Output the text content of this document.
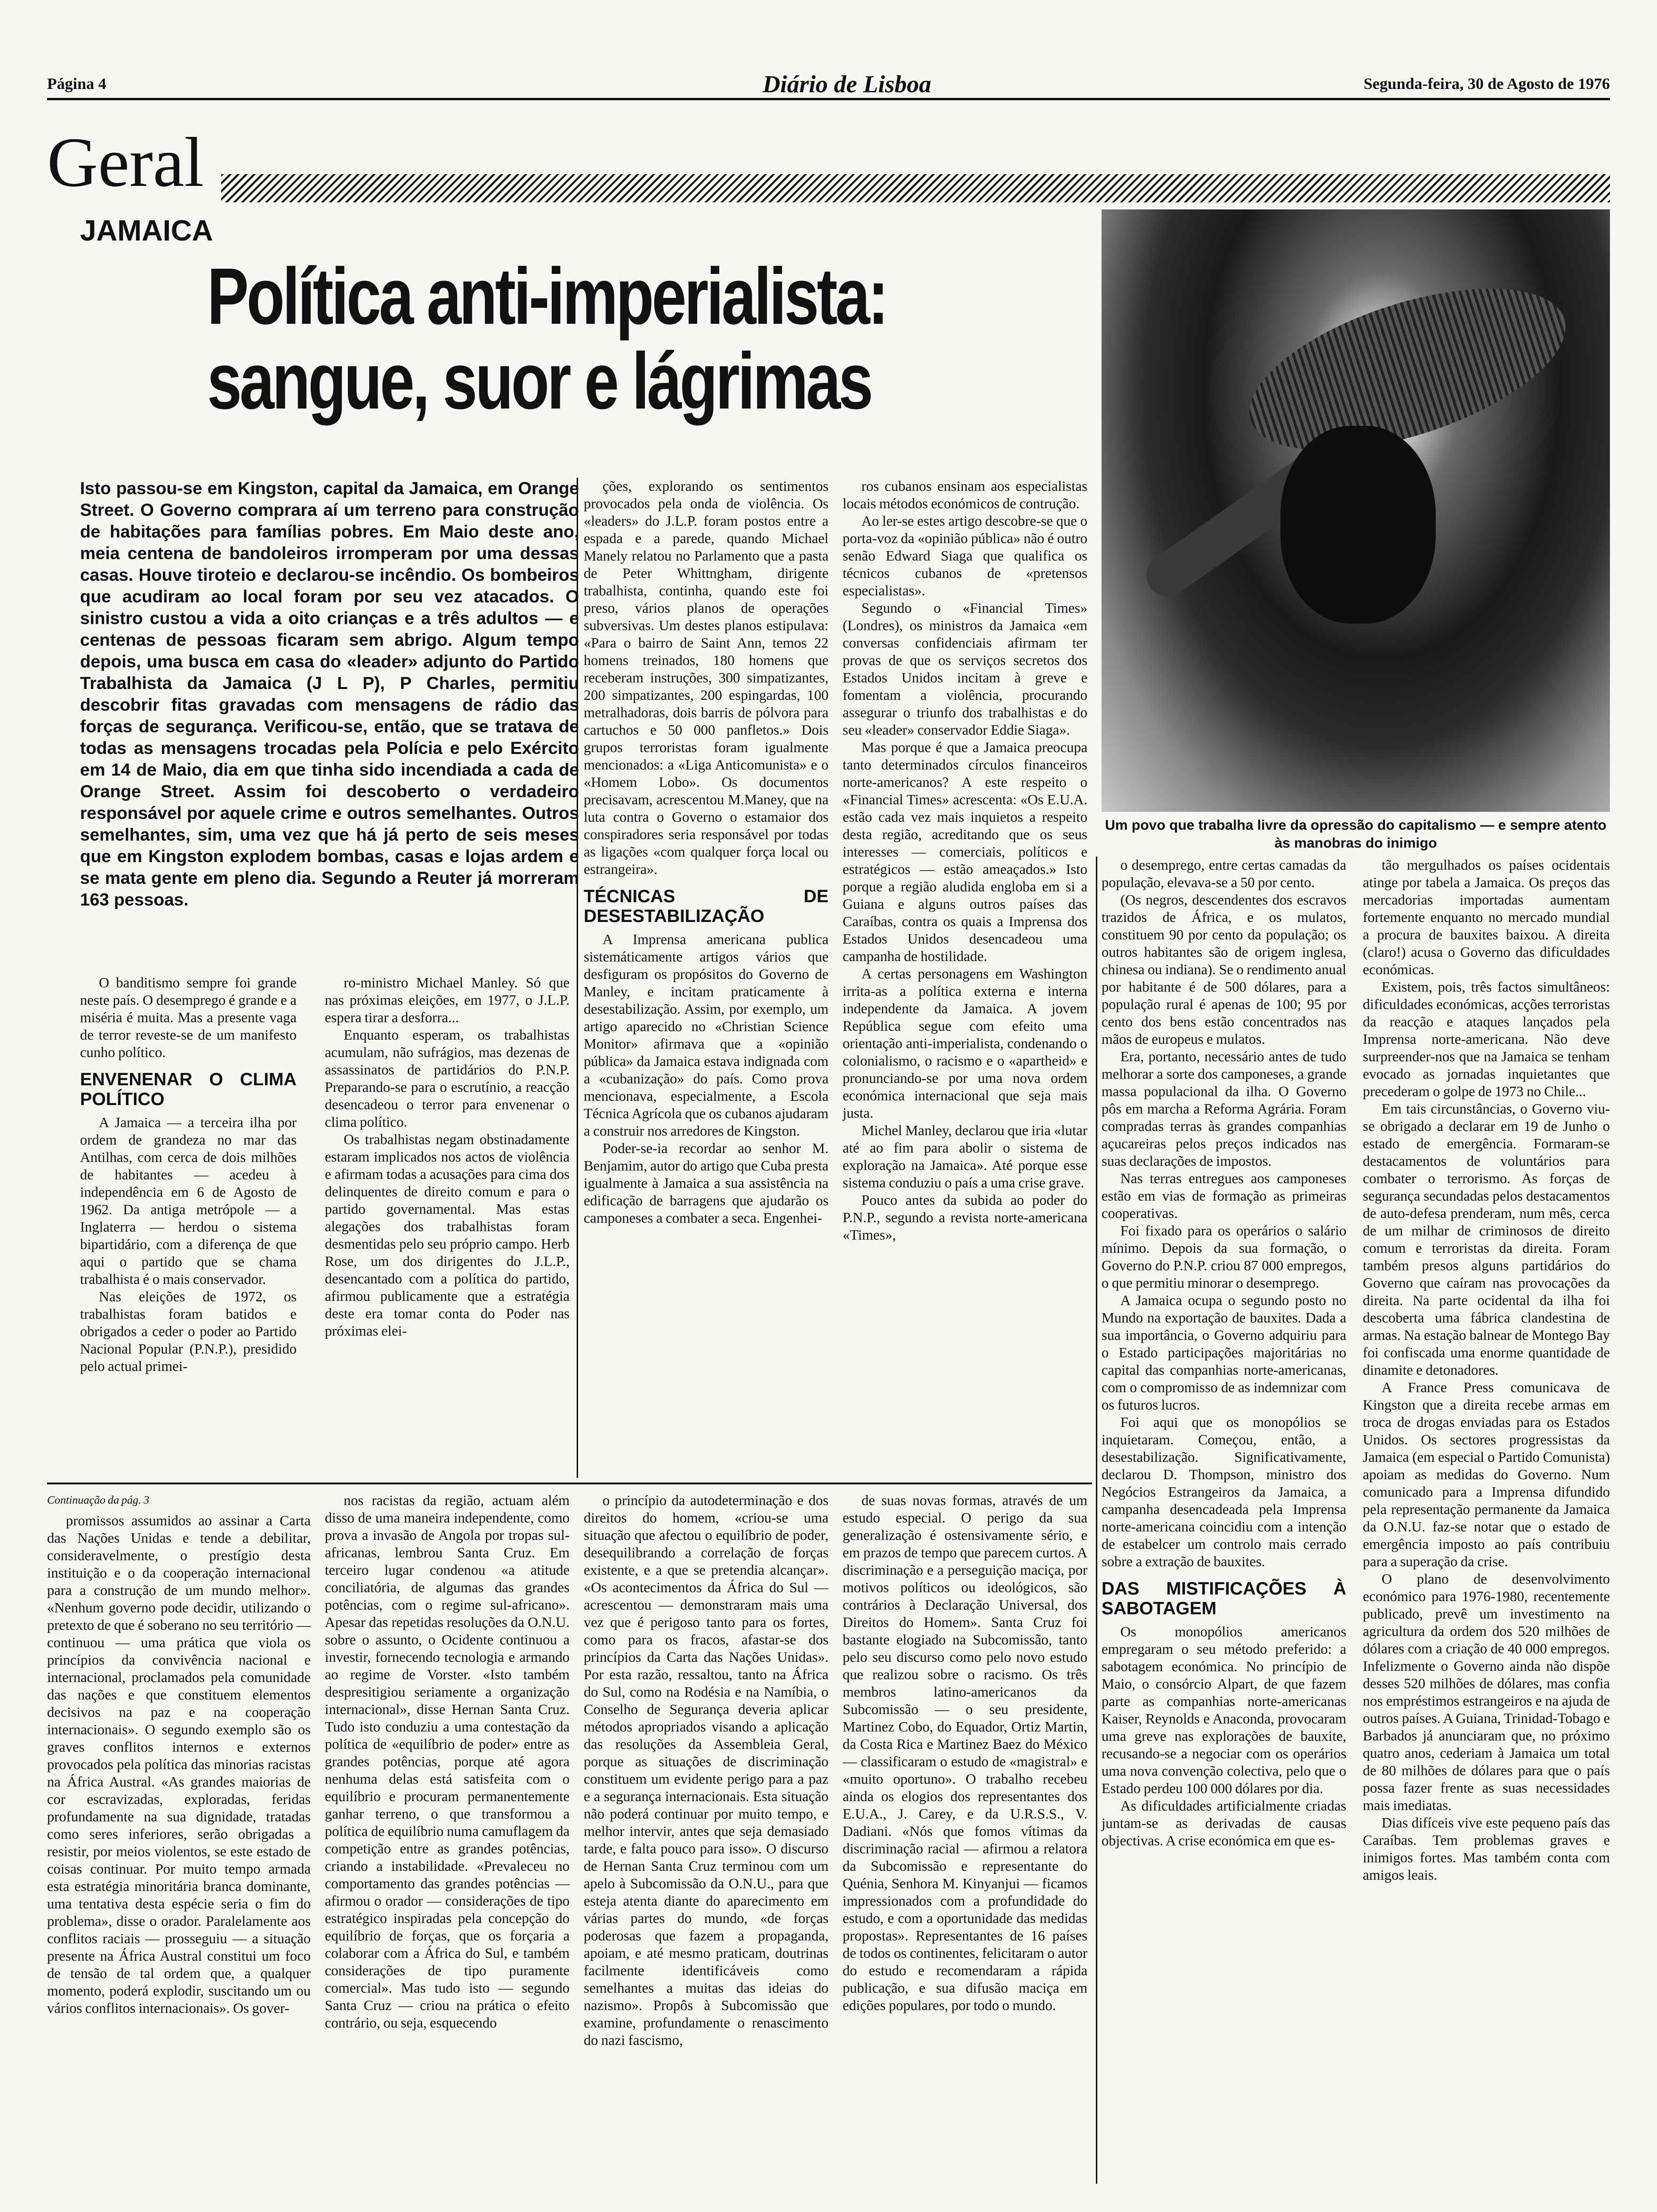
Página 4	Diário de Lisboa	Segunda-feira, 30 de Agosto de 1976
Geral
JAMAICA
Política anti-imperialista:
sangue, suor e lágrimas
Um povo que trabalha livre da opressão do capitalismo — e sempre atento às manobras do inimigo
Isto passou-se em Kingston, capital da Jamaica, em Orange Street. O Governo comprara aí um terreno para construção de habitações para famílias pobres. Em Maio deste ano, meia centena de bandoleiros irromperam por uma dessas casas. Houve tiroteio e declarou-se incêndio. Os bombeiros que acudiram ao local foram por seu vez atacados. O sinistro custou a vida a oito crianças e a três adultos — e centenas de pessoas ficaram sem abrigo. Algum tempo depois, uma busca em casa do «leader» adjunto do Partido Trabalhista da Jamaica (J L P), P Charles, permitiu descobrir fitas gravadas com mensagens de rádio das forças de segurança. Verificou-se, então, que se tratava de todas as mensagens trocadas pela Polícia e pelo Exército em 14 de Maio, dia em que tinha sido incendiada a cada de Orange Street. Assim foi descoberto o verdadeiro responsável por aquele crime e outros semelhantes. Outros semelhantes, sim, uma vez que há já perto de seis meses que em Kingston explodem bombas, casas e lojas ardem e se mata gente em pleno dia. Segundo a Reuter já morreram 163 pessoas.

O banditismo sempre foi grande neste país. O desemprego é grande e a miséria é muita. Mas a presente vaga de terror reveste-se de um manifesto cunho político.

ENVENENAR O CLIMA POLÍTICO

A Jamaica — a terceira ilha por ordem de grandeza no mar das Antilhas, com cerca de dois milhões de habitantes — acedeu à independência em 6 de Agosto de 1962. Da antiga metrópole — a Inglaterra — herdou o sistema bipartidário, com a diferença de que aqui o partido que se chama trabalhista é o mais conservador.

Nas eleições de 1972, os trabalhistas foram batidos e obrigados a ceder o poder ao Partido Nacional Popular (P.N.P.), presidido pelo actual primei-

ro-ministro Michael Manley. Só que nas próximas eleições, em 1977, o J.L.P. espera tirar a desforra...

Enquanto esperam, os trabalhistas acumulam, não sufrágios, mas dezenas de assassinatos de partidários do P.N.P. Preparando-se para o escrutínio, a reacção desencadeou o terror para envenenar o clima político.

Os trabalhistas negam obstinadamente estaram implicados nos actos de violência e afirmam todas a acusações para cima dos delinquentes de direito comum e para o partido governamental. Mas estas alegações dos trabalhistas foram desmentidas pelo seu próprio campo. Herb Rose, um dos dirigentes do J.L.P., desencantado com a política do partido, afirmou publicamente que a estratégia deste era tomar conta do Poder nas próximas elei-

ções, explorando os sentimentos provocados pela onda de violência. Os «leaders» do J.L.P. foram postos entre a espada e a parede, quando Michael Manely relatou no Parlamento que a pasta de Peter Whittngham, dirigente trabalhista, continha, quando este foi preso, vários planos de operações subversivas. Um destes planos estipulava: «Para o bairro de Saint Ann, temos 22 homens treinados, 180 homens que receberam instruções, 300 simpatizantes, 200 simpatizantes, 200 espingardas, 100 metralhadoras, dois barris de pólvora para cartuchos e 50 000 panfletos.» Dois grupos terroristas foram igualmente mencionados: a «Liga Anticomunista» e o «Homem Lobo». Os documentos precisavam, acrescentou M.Maney, que na luta contra o Governo o estamaior dos conspiradores seria responsável por todas as ligações «com qualquer força local ou estrangeira».

TÉCNICAS DE DESESTABILIZAÇÃO

A Imprensa americana publica sistemáticamente artigos vários que desfiguram os propósitos do Governo de Manley, e incitam praticamente à desestabilização. Assim, por exemplo, um artigo aparecido no «Christian Science Monitor» afirmava que a «opinião pública» da Jamaica estava indignada com a «cubanização» do país. Como prova mencionava, especialmente, a Escola Técnica Agrícola que os cubanos ajudaram a construir nos arredores de Kingston.

Poder-se-ia recordar ao senhor M. Benjamim, autor do artigo que Cuba presta igualmente à Jamaica a sua assistência na edificação de barragens que ajudarão os camponeses a combater a seca. Engenhei-

ros cubanos ensinam aos especialistas locais métodos económicos de contrução.

Ao ler-se estes artigo descobre-se que o porta-voz da «opinião pública» não é outro senão Edward Siaga que qualifica os técnicos cubanos de «pretensos especialistas».

Segundo o «Financial Times» (Londres), os ministros da Jamaica «em conversas confidenciais afirmam ter provas de que os serviços secretos dos Estados Unidos incitam à greve e fomentam a violência, procurando assegurar o triunfo dos trabalhistas e do seu «leader» conservador Eddie Siaga».

Mas porque é que a Jamaica preocupa tanto determinados círculos financeiros norte-americanos? A este respeito o «Financial Times» acrescenta: «Os E.U.A. estão cada vez mais inquietos a respeito desta região, acreditando que os seus interesses — comerciais, políticos e estratégicos — estão ameaçados.» Isto porque a região aludida engloba em si a Guiana e alguns outros países das Caraíbas, contra os quais a Imprensa dos Estados Unidos desencadeou uma campanha de hostilidade.

A certas personagens em Washington irrita-as a política externa e interna independente da Jamaica. A jovem República segue com efeito uma orientação anti-imperialista, condenando o colonialismo, o racismo e o «apartheid» e pronunciando-se por uma nova ordem económica internacional que seja mais justa.

Michel Manley, declarou que iria «lutar até ao fim para abolir o sistema de exploração na Jamaica». Até porque esse sistema conduziu o país a uma crise grave.

Pouco antes da subida ao poder do P.N.P., segundo a revista norte-americana «Times»,

o desemprego, entre certas camadas da população, elevava-se a 50 por cento.

(Os negros, descendentes dos escravos trazidos de África, e os mulatos, constituem 90 por cento da população; os outros habitantes são de origem inglesa, chinesa ou indiana). Se o rendimento anual por habitante é de 500 dólares, para a população rural é apenas de 100; 95 por cento dos bens estão concentrados nas mãos de europeus e mulatos.

Era, portanto, necessário antes de tudo melhorar a sorte dos camponeses, a grande massa populacional da ilha. O Governo pôs em marcha a Reforma Agrária. Foram compradas terras às grandes companhias açucareiras pelos preços indicados nas suas declarações de impostos.

Nas terras entregues aos camponeses estão em vias de formação as primeiras cooperativas.

Foi fixado para os operários o salário mínimo. Depois da sua formação, o Governo do P.N.P. criou 87 000 empregos, o que permitiu minorar o desemprego.

A Jamaica ocupa o segundo posto no Mundo na exportação de bauxites. Dada a sua importância, o Governo adquiriu para o Estado participações majoritárias no capital das companhias norte-americanas, com o compromisso de as indemnizar com os futuros lucros.

Foi aqui que os monopólios se inquietaram. Começou, então, a desestabilização. Significativamente, declarou D. Thompson, ministro dos Negócios Estrangeiros da Jamaica, a campanha desencadeada pela Imprensa norte-americana coincidiu com a intenção de estabelcer um controlo mais cerrado sobre a extração de bauxites.

DAS MISTIFICAÇÕES À SABOTAGEM

Os monopólios americanos empregaram o seu método preferido: a sabotagem económica. No princípio de Maio, o consórcio Alpart, de que fazem parte as companhias norte-americanas Kaiser, Reynolds e Anaconda, provocaram uma greve nas explorações de bauxite, recusando-se a negociar com os operários uma nova convenção colectiva, pelo que o Estado perdeu 100 000 dólares por dia.

As dificuldades artificialmente criadas juntam-se as derivadas de causas objectivas. A crise económica em que es-

tão mergulhados os países ocidentais atinge por tabela a Jamaica. Os preços das mercadorias importadas aumentam fortemente enquanto no mercado mundial a procura de bauxites baixou. A direita (claro!) acusa o Governo das dificuldades económicas.

Existem, pois, três factos simultâneos: dificuldades económicas, acções terroristas da reacção e ataques lançados pela Imprensa norte-americana. Não deve surpreender-nos que na Jamaica se tenham evocado as jornadas inquietantes que precederam o golpe de 1973 no Chile...

Em tais circunstâncias, o Governo viu-se obrigado a declarar em 19 de Junho o estado de emergência. Formaram-se destacamentos de voluntários para combater o terrorismo. As forças de segurança secundadas pelos destacamentos de auto-defesa prenderam, num mês, cerca de um milhar de criminosos de direito comum e terroristas da direita. Foram também presos alguns partidários do Governo que caíram nas provocações da direita. Na parte ocidental da ilha foi descoberta uma fábrica clandestina de armas. Na estação balnear de Montego Bay foi confiscada uma enorme quantidade de dinamite e detonadores.

A France Press comunicava de Kingston que a direita recebe armas em troca de drogas enviadas para os Estados Unidos. Os sectores progressistas da Jamaica (em especial o Partido Comunista) apoiam as medidas do Governo. Num comunicado para a Imprensa difundido pela representação permanente da Jamaica da O.N.U. faz-se notar que o estado de emergência imposto ao país contribuiu para a superação da crise.

O plano de desenvolvimento económico para 1976-1980, recentemente publicado, prevê um investimento na agricultura da ordem dos 520 milhões de dólares com a criação de 40 000 empregos. Infelizmente o Governo ainda não dispõe desses 520 milhões de dólares, mas confia nos empréstimos estrangeiros e na ajuda de outros países. A Guiana, Trinidad-Tobago e Barbados já anunciaram que, no próximo quatro anos, cederiam à Jamaica um total de 80 milhões de dólares para que o país possa fazer frente as suas necessidades mais imediatas.

Dias difíceis vive este pequeno país das Caraíbas. Tem problemas graves e inimigos fortes. Mas também conta com amigos leais.

Continuação da pág. 3

promissos assumidos ao assinar a Carta das Nações Unidas e tende a debilitar, consideravelmente, o prestígio desta instituição e o da cooperação internacional para a construção de um mundo melhor». «Nenhum governo pode decidir, utilizando o pretexto de que é soberano no seu território — continuou — uma prática que viola os princípios da convivência nacional e internacional, proclamados pela comunidade das nações e que constituem elementos decisivos na paz e na cooperação internacionais». O segundo exemplo são os graves conflitos internos e externos provocados pela política das minorias racistas na África Austral. «As grandes maiorias de cor escravizadas, exploradas, feridas profundamente na sua dignidade, tratadas como seres inferiores, serão obrigadas a resistir, por meios violentos, se este estado de coisas continuar. Por muito tempo armada esta estratégia minoritária branca dominante, uma tentativa desta espécie seria o fim do problema», disse o orador. Paralelamente aos conflitos raciais — prosseguiu — a situação presente na África Austral constitui um foco de tensão de tal ordem que, a qualquer momento, poderá explodir, suscitando um ou vários conflitos internacionais». Os gover-

nos racistas da região, actuam além disso de uma maneira independente, como prova a invasão de Angola por tropas sul-africanas, lembrou Santa Cruz. Em terceiro lugar condenou «a atitude conciliatória, de algumas das grandes potências, com o regime sul-africano». Apesar das repetidas resoluções da O.N.U. sobre o assunto, o Ocidente continuou a investir, fornecendo tecnologia e armando ao regime de Vorster. «Isto também despresitigiou seriamente a organização internacional», disse Hernan Santa Cruz. Tudo isto conduziu a uma contestação da política de «equilíbrio de poder» entre as grandes potências, porque até agora nenhuma delas está satisfeita com o equilíbrio e procuram permanentemente ganhar terreno, o que transformou a política de equilíbrio numa camuflagem da competição entre as grandes potências, criando a instabilidade. «Prevaleceu no comportamento das grandes potências — afirmou o orador — considerações de tipo estratégico inspiradas pela concepção do equilíbrio de forças, que os forçaria a colaborar com a África do Sul, e também considerações de tipo puramente comercial». Mas tudo isto — segundo Santa Cruz — criou na prática o efeito contrário, ou seja, esquecendo

o princípio da autodeterminação e dos direitos do homem, «criou-se uma situação que afectou o equilíbrio de poder, desequilibrando a correlação de forças existente, e a que se pretendia alcançar». «Os acontecimentos da África do Sul — acrescentou — demonstraram mais uma vez que é perigoso tanto para os fortes, como para os fracos, afastar-se dos princípios da Carta das Nações Unidas». Por esta razão, ressaltou, tanto na África do Sul, como na Rodésia e na Namíbia, o Conselho de Segurança deveria aplicar métodos apropriados visando a aplicação das resoluções da Assembleia Geral, porque as situações de discriminação constituem um evidente perigo para a paz e a segurança internacionais. Esta situação não poderá continuar por muito tempo, e melhor intervir, antes que seja demasiado tarde, e falta pouco para isso». O discurso de Hernan Santa Cruz terminou com um apelo à Subcomissão da O.N.U., para que esteja atenta diante do aparecimento em várias partes do mundo, «de forças poderosas que fazem a propaganda, apoiam, e até mesmo praticam, doutrinas facilmente identificáveis como semelhantes a muitas das ideias do nazismo». Propôs à Subcomissão que examine, profundamente o renascimento do nazi fascismo,

de suas novas formas, através de um estudo especial. O perigo da sua generalização é ostensivamente sério, e em prazos de tempo que parecem curtos. A discriminação e a perseguição maciça, por motivos políticos ou ideológicos, são contrários à Declaração Universal, dos Direitos do Homem». Santa Cruz foi bastante elogiado na Subcomissão, tanto pelo seu discurso como pelo novo estudo que realizou sobre o racismo. Os três membros latino-americanos da Subcomissão — o seu presidente, Martinez Cobo, do Equador, Ortiz Martin, da Costa Rica e Martinez Baez do México — classificaram o estudo de «magistral» e «muito oportuno». O trabalho recebeu ainda os elogios dos representantes dos E.U.A., J. Carey, e da U.R.S.S., V. Dadiani. «Nós que fomos vítimas da discriminação racial — afirmou a relatora da Subcomissão e representante do Quénia, Senhora M. Kinyanjui — ficamos impressionados com a profundidade do estudo, e com a oportunidade das medidas propostas». Representantes de 16 países de todos os continentes, felicitaram o autor do estudo e recomendaram a rápida publicação, e sua difusão maciça em edições populares, por todo o mundo.
